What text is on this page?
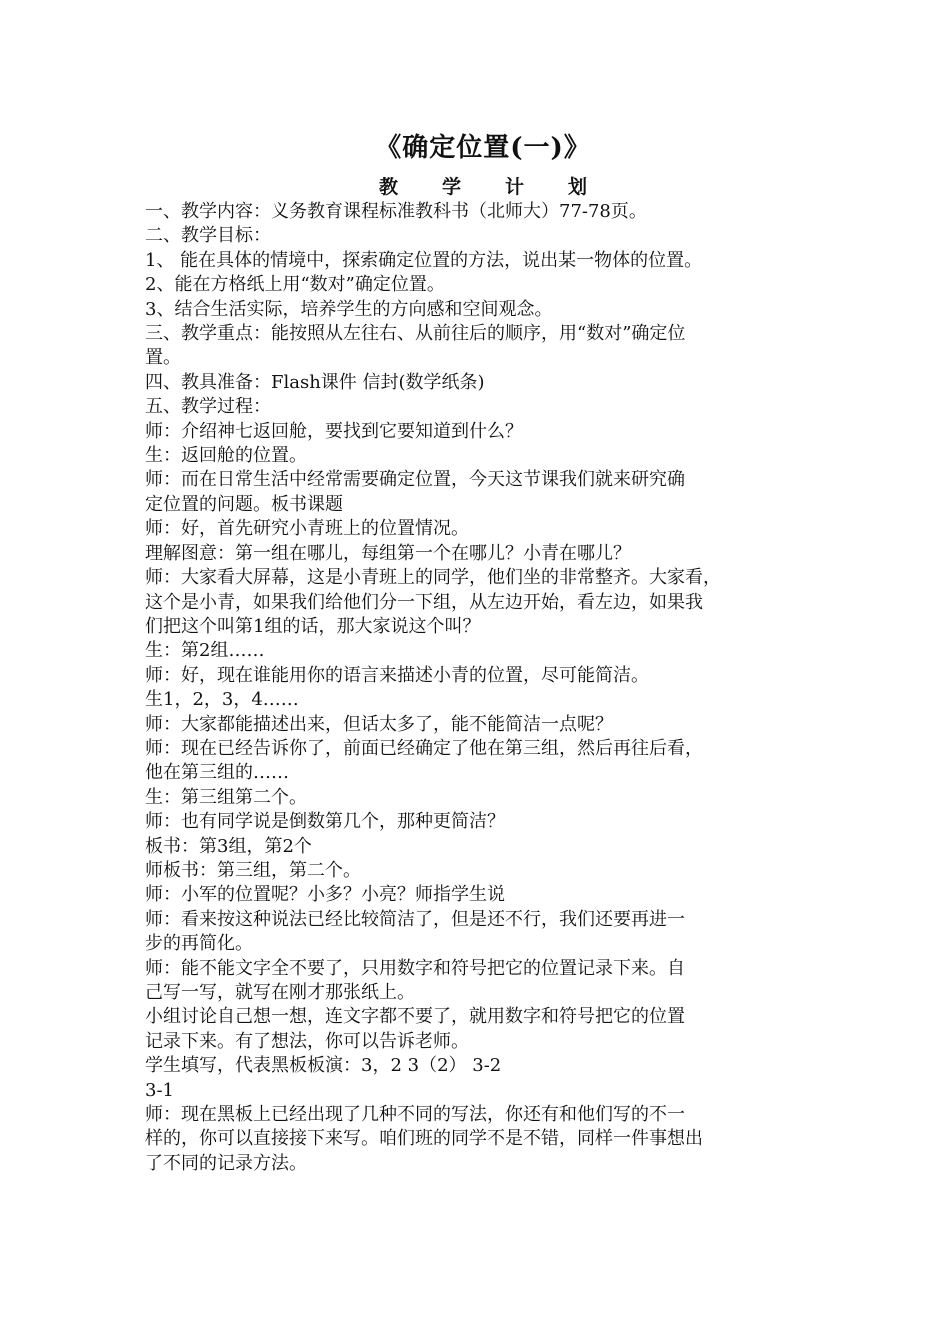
《确定位置(一)》

教 学 计 划

一、教学内容：义务教育课程标准教科书（北师大）77-78页。

二、教学目标：

1、 能在具体的情境中，探索确定位置的方法，说出某一物体的位置。

2、能在方格纸上用“数对”确定位置。

3、结合生活实际，培养学生的方向感和空间观念。

三、教学重点：能按照从左往右、从前往后的顺序，用“数对”确定位

置。

四、教具准备：Flash课件 信封(数学纸条)

五、教学过程：

师：介绍神七返回舱，要找到它要知道到什么？

生：返回舱的位置。

师：而在日常生活中经常需要确定位置，今天这节课我们就来研究确

定位置的问题。板书课题

师：好，首先研究小青班上的位置情况。

理解图意：第一组在哪儿，每组第一个在哪儿？小青在哪儿？

师：大家看大屏幕，这是小青班上的同学，他们坐的非常整齐。大家看，

这个是小青，如果我们给他们分一下组，从左边开始，看左边，如果我

们把这个叫第1组的话，那大家说这个叫？

生：第2组……

师：好，现在谁能用你的语言来描述小青的位置，尽可能简洁。

生1，2，3，4……

师：大家都能描述出来，但话太多了，能不能简洁一点呢？

师：现在已经告诉你了，前面已经确定了他在第三组，然后再往后看，

他在第三组的……

生：第三组第二个。

师：也有同学说是倒数第几个，那种更简洁？

板书：第3组，第2个

师板书：第三组，第二个。

师：小军的位置呢？小多？小亮？师指学生说

师：看来按这种说法已经比较简洁了，但是还不行，我们还要再进一

步的再简化。

师：能不能文字全不要了，只用数字和符号把它的位置记录下来。自

己写一写，就写在刚才那张纸上。

小组讨论自己想一想，连文字都不要了，就用数字和符号把它的位置

记录下来。有了想法，你可以告诉老师。

学生填写，代表黑板板演：3，2 3（2） 3-2

3-1

师：现在黑板上已经出现了几种不同的写法，你还有和他们写的不一

样的，你可以直接接下来写。咱们班的同学不是不错，同样一件事想出

了不同的记录方法。
